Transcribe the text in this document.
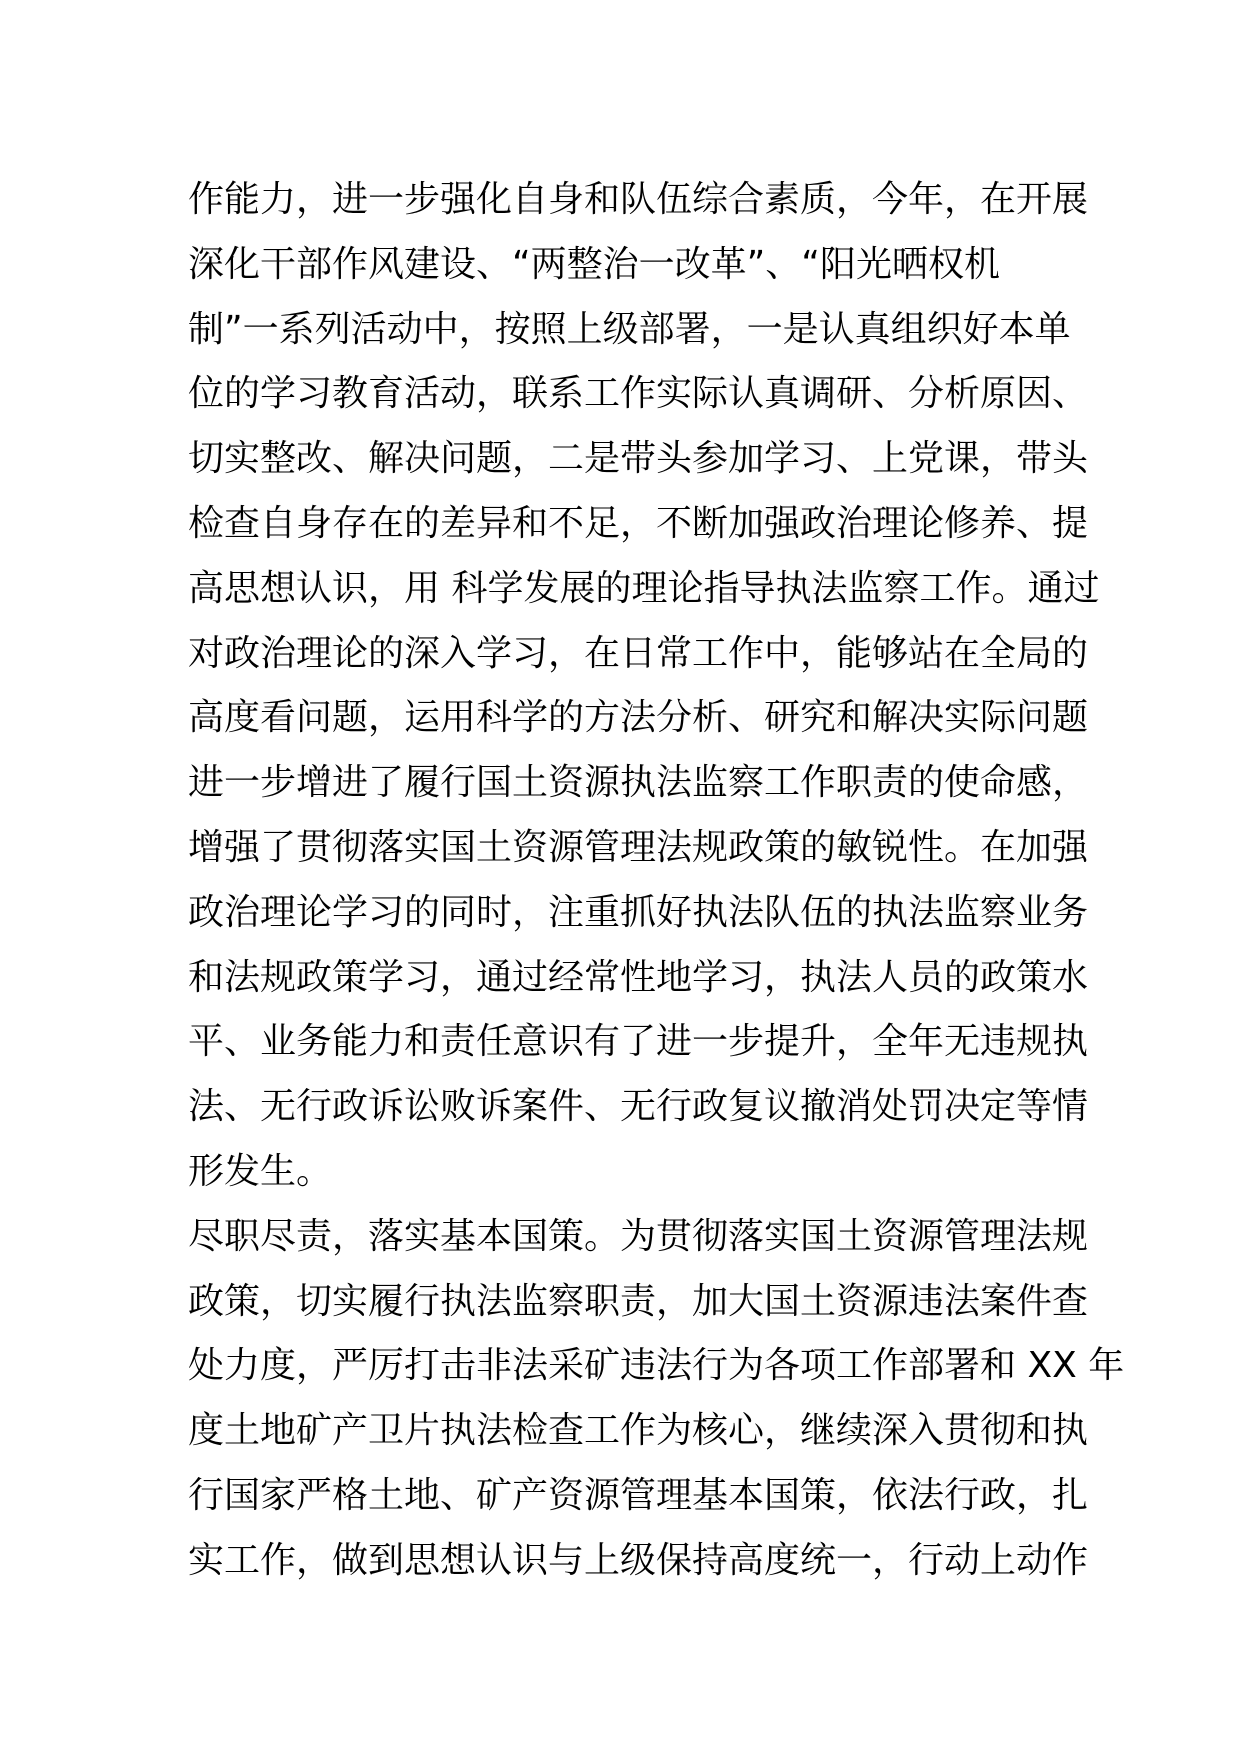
作能力，进一步强化自身和队伍综合素质，今年，在开展
深化干部作风建设、“两整治一改革”、“阳光晒权机
制”一系列活动中，按照上级部署，一是认真组织好本单
位的学习教育活动，联系工作实际认真调研、分析原因、
切实整改、解决问题，二是带头参加学习、上党课，带头
检查自身存在的差异和不足，不断加强政治理论修养、提
高思想认识，用 科学发展的理论指导执法监察工作。通过
对政治理论的深入学习，在日常工作中，能够站在全局的
高度看问题，运用科学的方法分析、研究和解决实际问题
进一步增进了履行国土资源执法监察工作职责的使命感，
增强了贯彻落实国土资源管理法规政策的敏锐性。在加强
政治理论学习的同时，注重抓好执法队伍的执法监察业务
和法规政策学习，通过经常性地学习，执法人员的政策水
平、业务能力和责任意识有了进一步提升，全年无违规执
法、无行政诉讼败诉案件、无行政复议撤消处罚决定等情
形发生。
尽职尽责，落实基本国策。为贯彻落实国土资源管理法规
政策，切实履行执法监察职责，加大国土资源违法案件查
处力度，严厉打击非法采矿违法行为各项工作部署和 XX 年
度土地矿产卫片执法检查工作为核心，继续深入贯彻和执
行国家严格土地、矿产资源管理基本国策，依法行政，扎
实工作，做到思想认识与上级保持高度统一，行动上动作
